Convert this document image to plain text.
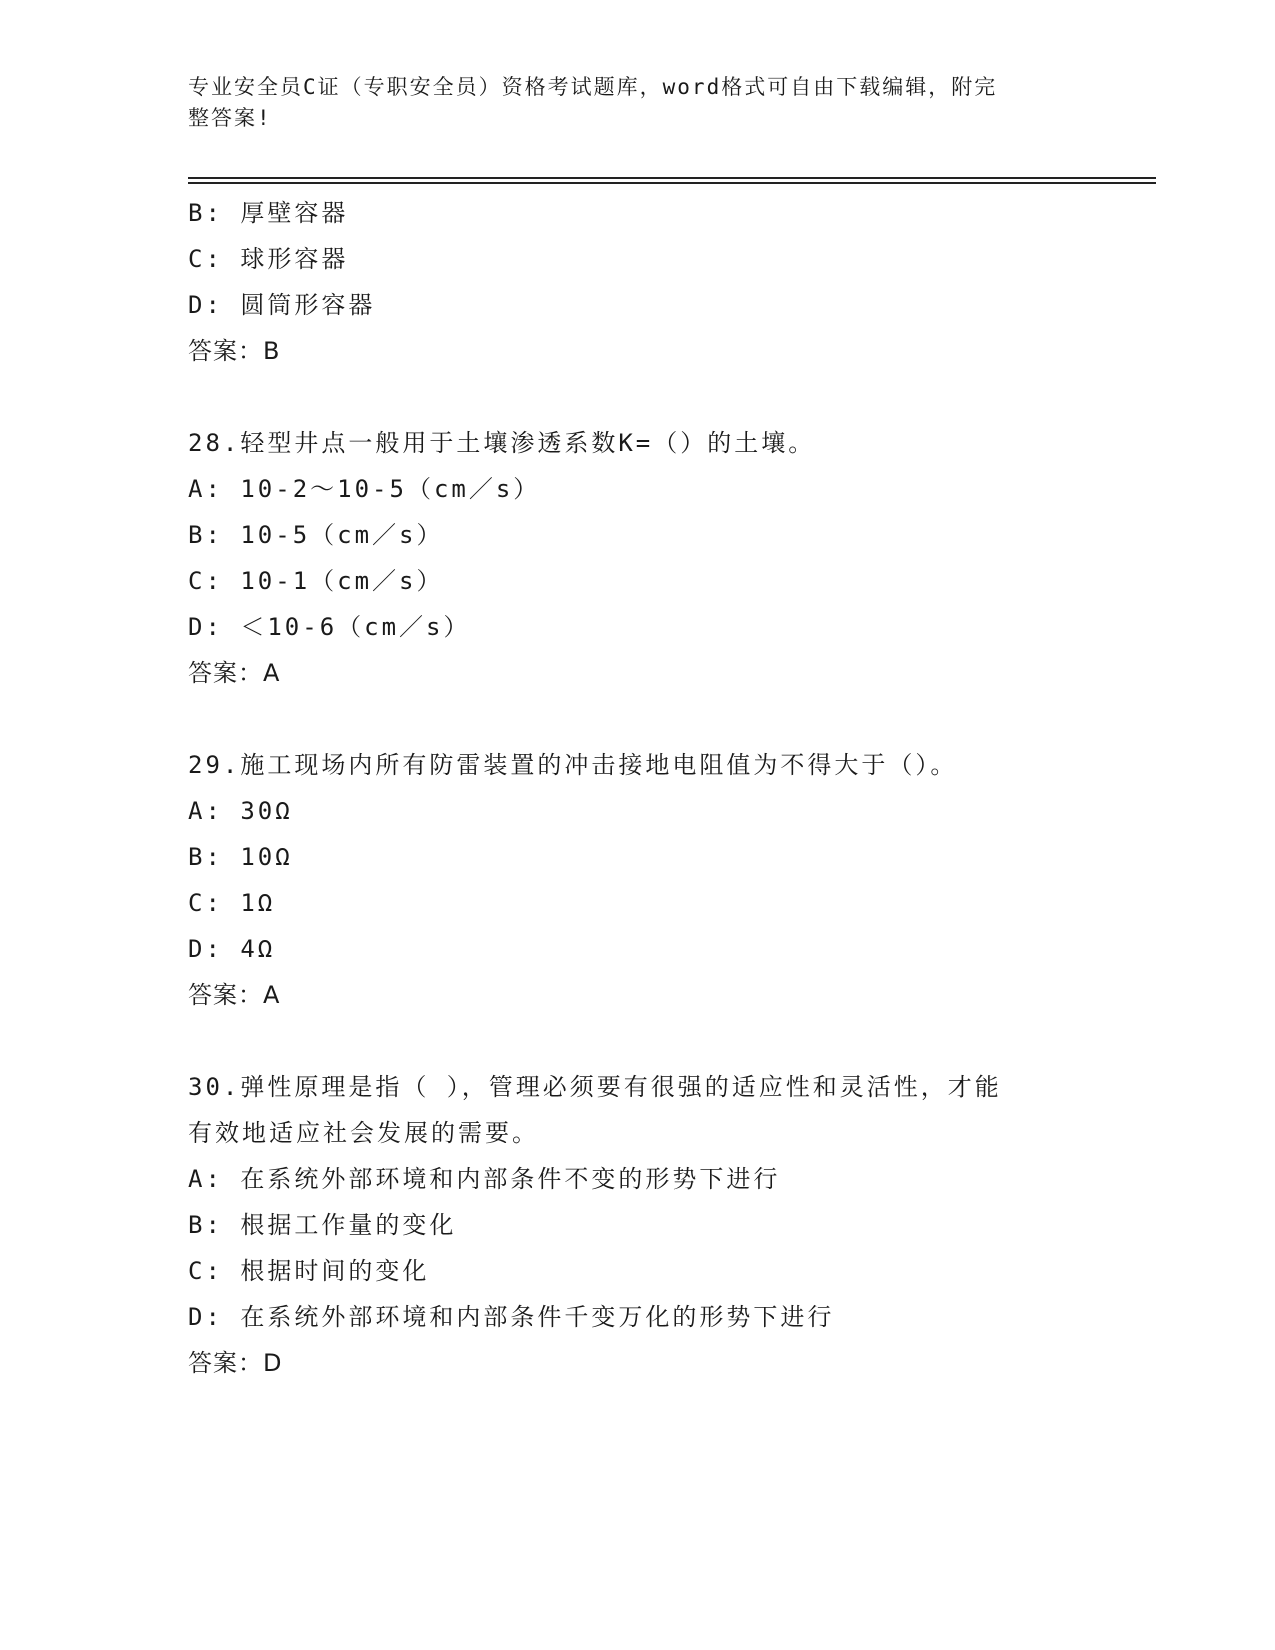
专业安全员C证（专职安全员）资格考试题库，word格式可自由下载编辑，附完
整答案!
B: 厚壁容器
C: 球形容器
D: 圆筒形容器
答案：B
28.轻型井点一般用于土壤渗透系数K=（）的土壤。
A: 10-2～10-5（cm／s）
B: 10-5（cm／s）
C: 10-1（cm／s）
D: ＜10-6（cm／s）
答案：A
29.施工现场内所有防雷装置的冲击接地电阻值为不得大于（）。
A: 30Ω
B: 10Ω
C: 1Ω
D: 4Ω
答案：A
30.弹性原理是指（ ），管理必须要有很强的适应性和灵活性，才能
有效地适应社会发展的需要。
A: 在系统外部环境和内部条件不变的形势下进行
B: 根据工作量的变化
C: 根据时间的变化
D: 在系统外部环境和内部条件千变万化的形势下进行
答案：D
